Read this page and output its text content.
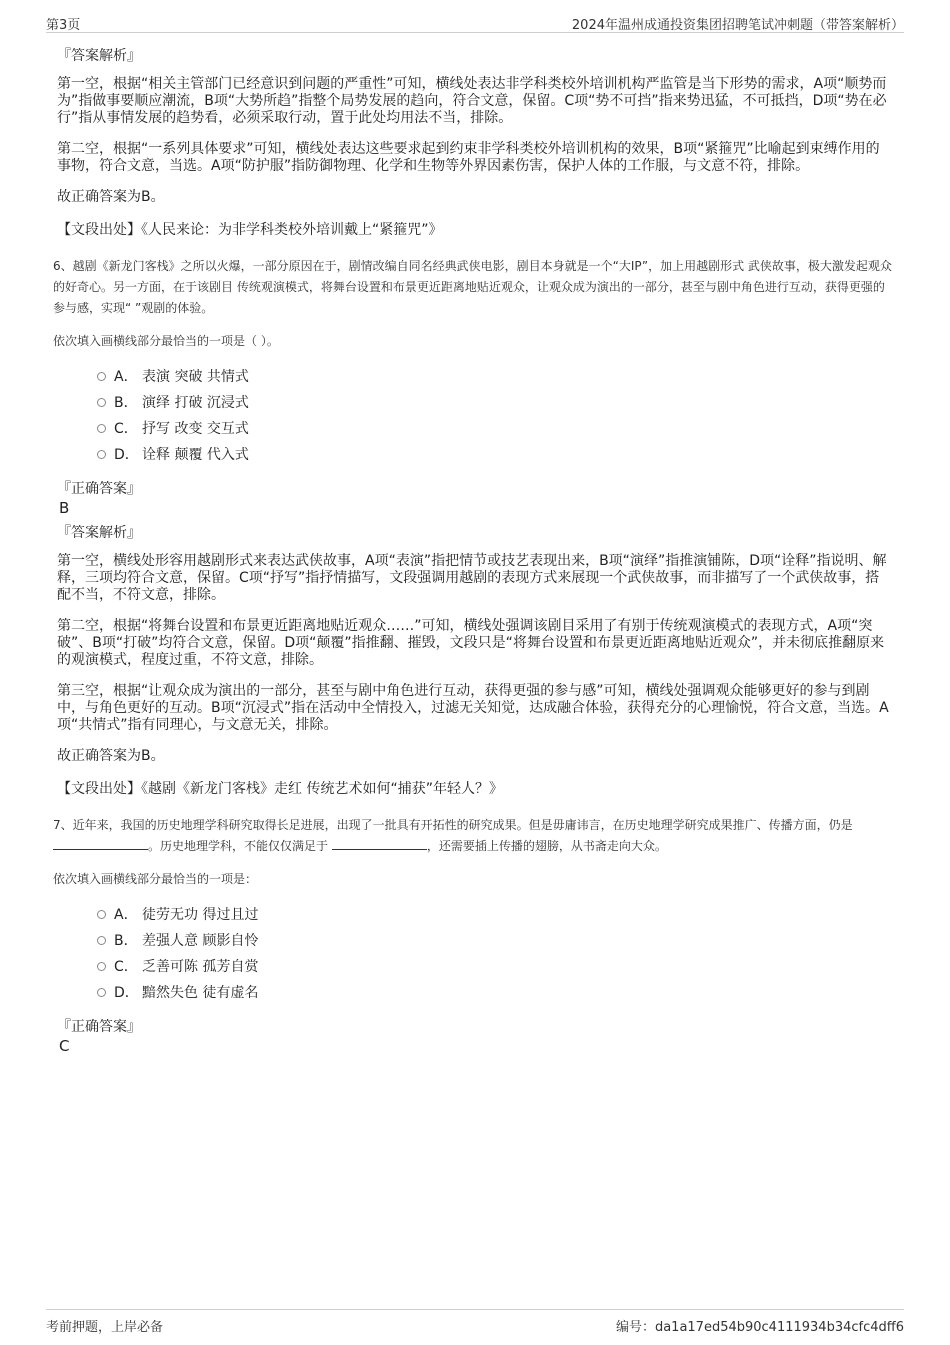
第3页	2024年温州成通投资集团招聘笔试冲刺题（带答案解析）
『答案解析』

第一空，根据“相关主管部门已经意识到问题的严重性”可知，横线处表达非学科类校外培训机构严监管是当下形势的需求，A项“顺势而为”指做事要顺应潮流，B项“大势所趋”指整个局势发展的趋向，符合文意，保留。C项“势不可挡”指来势迅猛，不可抵挡，D项“势在必行”指从事情发展的趋势看，必须采取行动，置于此处均用法不当，排除。

第二空，根据“一系列具体要求”可知，横线处表达这些要求起到约束非学科类校外培训机构的效果，B项“紧箍咒”比喻起到束缚作用的事物，符合文意，当选。A项“防护服”指防御物理、化学和生物等外界因素伤害，保护人体的工作服，与文意不符，排除。

故正确答案为B。

【文段出处】《人民来论：为非学科类校外培训戴上“紧箍咒”》
6、越剧《新龙门客栈》之所以火爆，一部分原因在于，剧情改编自同名经典武侠电影，剧目本身就是一个“大IP”，加上用越剧形式 武侠故事，极大激发起观众的好奇心。另一方面，在于该剧目 传统观演模式，将舞台设置和布景更近距离地贴近观众，让观众成为演出的一部分，甚至与剧中角色进行互动，获得更强的参与感，实现“ ”观剧的体验。
依次填入画横线部分最恰当的一项是（ ）。
A． 表演 突破 共情式
B． 演绎 打破 沉浸式
C． 抒写 改变 交互式
D． 诠释 颠覆 代入式
『正确答案』
B
『答案解析』

第一空，横线处形容用越剧形式来表达武侠故事，A项“表演”指把情节或技艺表现出来，B项“演绎”指推演铺陈，D项“诠释”指说明、解释，三项均符合文意，保留。C项“抒写”指抒情描写，文段强调用越剧的表现方式来展现一个武侠故事，而非描写了一个武侠故事，搭配不当，不符文意，排除。

第二空，根据“将舞台设置和布景更近距离地贴近观众……”可知，横线处强调该剧目采用了有别于传统观演模式的表现方式，A项“突破”、B项“打破”均符合文意，保留。D项“颠覆”指推翻、摧毁，文段只是“将舞台设置和布景更近距离地贴近观众”，并未彻底推翻原来的观演模式，程度过重，不符文意，排除。

第三空，根据“让观众成为演出的一部分，甚至与剧中角色进行互动，获得更强的参与感”可知，横线处强调观众能够更好的参与到剧中，与角色更好的互动。B项“沉浸式”指在活动中全情投入，过滤无关知觉，达成融合体验，获得充分的心理愉悦，符合文意，当选。A项“共情式”指有同理心，与文意无关，排除。

故正确答案为B。

【文段出处】《越剧《新龙门客栈》走红 传统艺术如何“捕获”年轻人？》
7、近年来，我国的历史地理学科研究取得长足进展，出现了一批具有开拓性的研究成果。但是毋庸讳言，在历史地理学研究成果推广、传播方面，仍是 。历史地理学科，不能仅仅满足于	，还需要插上传播的翅膀，从书斋走向大众。
依次填入画横线部分最恰当的一项是：
A． 徒劳无功 得过且过
B． 差强人意 顾影自怜
C． 乏善可陈 孤芳自赏
D． 黯然失色 徒有虚名
『正确答案』
C
考前押题，上岸必备	编号：da1a17ed54b90c4111934b34cfc4dff6
